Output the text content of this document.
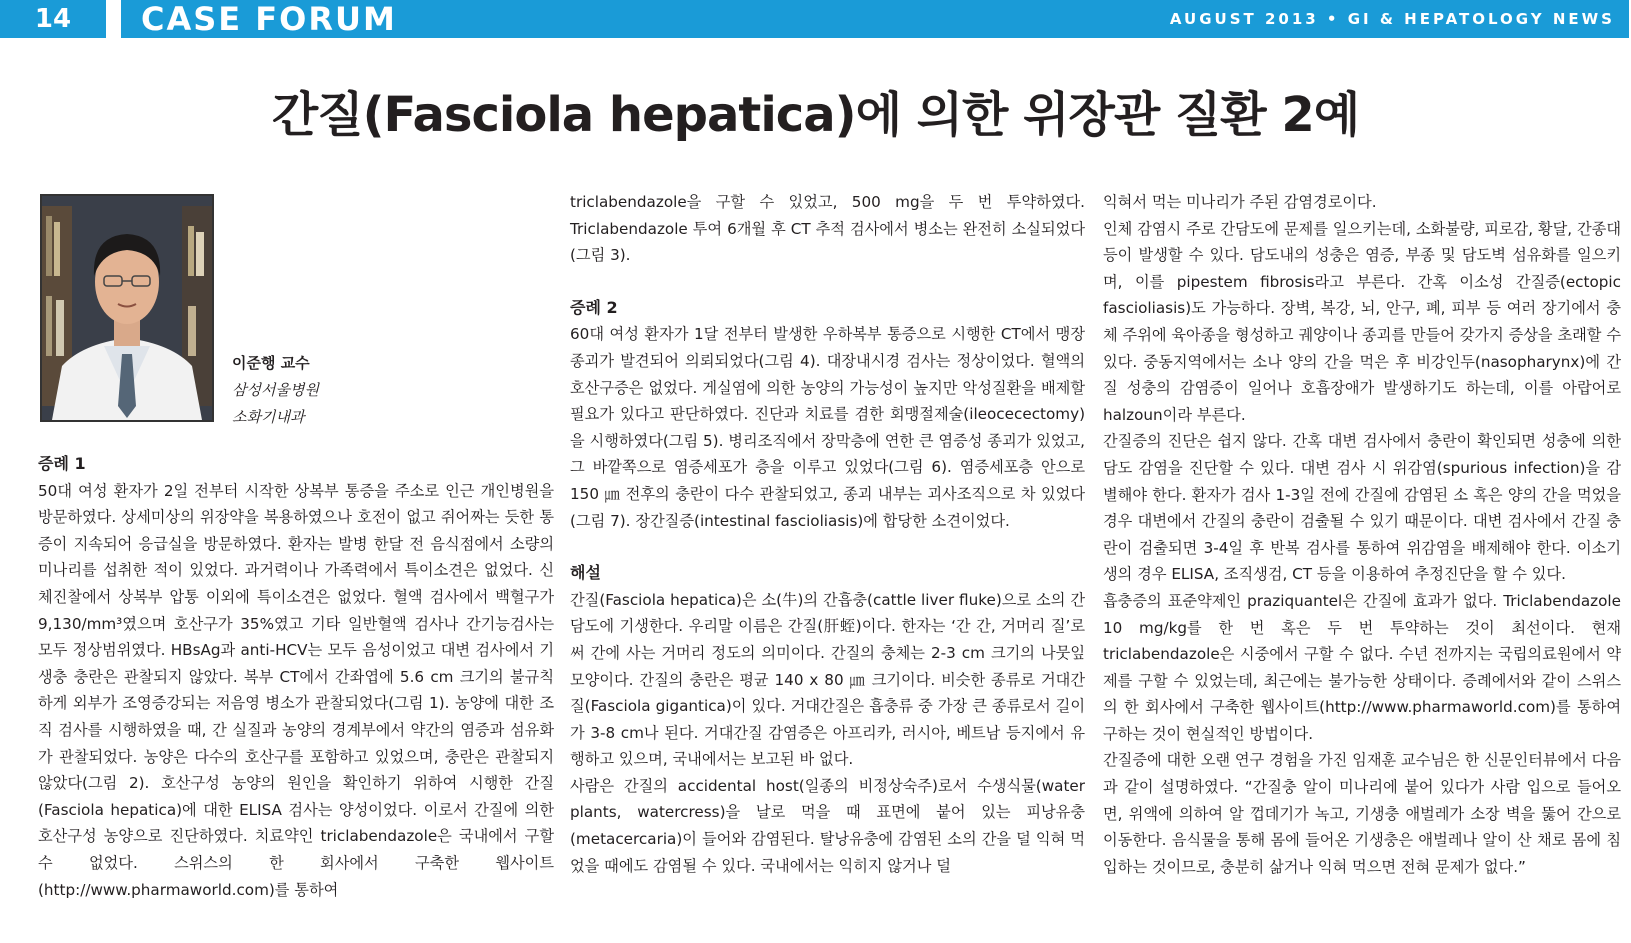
14	CASE FORUM	AUGUST 2013 • GI & HEPATOLOGY NEWS
간질(Fasciola hepatica)에 의한 위장관 질환 2예
이준행 교수
삼성서울병원
소화기내과

증례 1

50대 여성 환자가 2일 전부터 시작한 상복부 통증을 주소로 인근 개인병원을 방문하였다. 상세미상의 위장약을 복용하였으나 호전이 없고 쥐어짜는 듯한 통증이 지속되어 응급실을 방문하였다. 환자는 발병 한달 전 음식점에서 소량의 미나리를 섭취한 적이 있었다. 과거력이나 가족력에서 특이소견은 없었다. 신체진찰에서 상복부 압통 이외에 특이소견은 없었다. 혈액 검사에서 백혈구가 9,130/mm³였으며 호산구가 35%였고 기타 일반혈액 검사나 간기능검사는 모두 정상범위였다. HBsAg과 anti-HCV는 모두 음성이었고 대변 검사에서 기생충 충란은 관찰되지 않았다. 복부 CT에서 간좌엽에 5.6 cm 크기의 불규칙하게 외부가 조영증강되는 저음영 병소가 관찰되었다(그림 1). 농양에 대한 조직 검사를 시행하였을 때, 간 실질과 농양의 경계부에서 약간의 염증과 섬유화가 관찰되었다. 농양은 다수의 호산구를 포함하고 있었으며, 충란은 관찰되지 않았다(그림 2). 호산구성 농양의 원인을 확인하기 위하여 시행한 간질(Fasciola hepatica)에 대한 ELISA 검사는 양성이었다. 이로서 간질에 의한 호산구성 농양으로 진단하였다. 치료약인 triclabendazole은 국내에서 구할 수 없었다. 스위스의 한 회사에서 구축한 웹사이트(http://www.pharmaworld.com)를 통하여

triclabendazole을 구할 수 있었고, 500 mg을 두 번 투약하였다. Triclabendazole 투여 6개월 후 CT 추적 검사에서 병소는 완전히 소실되었다(그림 3).

증례 2

60대 여성 환자가 1달 전부터 발생한 우하복부 통증으로 시행한 CT에서 맹장 종괴가 발견되어 의뢰되었다(그림 4). 대장내시경 검사는 정상이었다. 혈액의 호산구증은 없었다. 게실염에 의한 농양의 가능성이 높지만 악성질환을 배제할 필요가 있다고 판단하였다. 진단과 치료를 겸한 회맹절제술(ileocecectomy)을 시행하였다(그림 5). 병리조직에서 장막층에 연한 큰 염증성 종괴가 있었고, 그 바깥쪽으로 염증세포가 층을 이루고 있었다(그림 6). 염증세포층 안으로 150 ㎛ 전후의 충란이 다수 관찰되었고, 종괴 내부는 괴사조직으로 차 있었다(그림 7). 장간질증(intestinal fascioliasis)에 합당한 소견이었다.

해설

간질(Fasciola hepatica)은 소(牛)의 간흡충(cattle liver fluke)으로 소의 간담도에 기생한다. 우리말 이름은 간질(肝蛭)이다. 한자는 ‘간 간, 거머리 질’로써 간에 사는 거머리 정도의 의미이다. 간질의 충체는 2-3 cm 크기의 나뭇잎 모양이다. 간질의 충란은 평균 140 x 80 ㎛ 크기이다. 비슷한 종류로 거대간질(Fasciola gigantica)이 있다. 거대간질은 흡충류 중 가장 큰 종류로서 길이가 3-8 cm나 된다. 거대간질 감염증은 아프리카, 러시아, 베트남 등지에서 유행하고 있으며, 국내에서는 보고된 바 없다.

사람은 간질의 accidental host(일종의 비정상숙주)로서 수생식물(water plants, watercress)을 날로 먹을 때 표면에 붙어 있는 피낭유충(metacercaria)이 들어와 감염된다. 탈낭유충에 감염된 소의 간을 덜 익혀 먹었을 때에도 감염될 수 있다. 국내에서는 익히지 않거나 덜

익혀서 먹는 미나리가 주된 감염경로이다.

인체 감염시 주로 간담도에 문제를 일으키는데, 소화불량, 피로감, 황달, 간종대 등이 발생할 수 있다. 담도내의 성충은 염증, 부종 및 담도벽 섬유화를 일으키며, 이를 pipestem fibrosis라고 부른다. 간혹 이소성 간질증(ectopic fascioliasis)도 가능하다. 장벽, 복강, 뇌, 안구, 폐, 피부 등 여러 장기에서 충체 주위에 육아종을 형성하고 궤양이나 종괴를 만들어 갖가지 증상을 초래할 수 있다. 중동지역에서는 소나 양의 간을 먹은 후 비강인두(nasopharynx)에 간질 성충의 감염증이 일어나 호흡장애가 발생하기도 하는데, 이를 아랍어로 halzoun이라 부른다.

간질증의 진단은 쉽지 않다. 간혹 대변 검사에서 충란이 확인되면 성충에 의한 담도 감염을 진단할 수 있다. 대변 검사 시 위감염(spurious infection)을 감별해야 한다. 환자가 검사 1-3일 전에 간질에 감염된 소 혹은 양의 간을 먹었을 경우 대변에서 간질의 충란이 검출될 수 있기 때문이다. 대변 검사에서 간질 충란이 검출되면 3-4일 후 반복 검사를 통하여 위감염을 배제해야 한다. 이소기생의 경우 ELISA, 조직생검, CT 등을 이용하여 추정진단을 할 수 있다.

흡충증의 표준약제인 praziquantel은 간질에 효과가 없다. Triclabendazole 10 mg/kg를 한 번 혹은 두 번 투약하는 것이 최선이다. 현재 triclabendazole은 시중에서 구할 수 없다. 수년 전까지는 국립의료원에서 약제를 구할 수 있었는데, 최근에는 불가능한 상태이다. 증례에서와 같이 스위스의 한 회사에서 구축한 웹사이트(http://www.pharmaworld.com)를 통하여 구하는 것이 현실적인 방법이다.

간질증에 대한 오랜 연구 경험을 가진 임재훈 교수님은 한 신문인터뷰에서 다음과 같이 설명하였다. “간질충 알이 미나리에 붙어 있다가 사람 입으로 들어오면, 위액에 의하여 알 껍데기가 녹고, 기생충 애벌레가 소장 벽을 뚫어 간으로 이동한다. 음식물을 통해 몸에 들어온 기생충은 애벌레나 알이 산 채로 몸에 침입하는 것이므로, 충분히 삶거나 익혀 먹으면 전혀 문제가 없다.”
